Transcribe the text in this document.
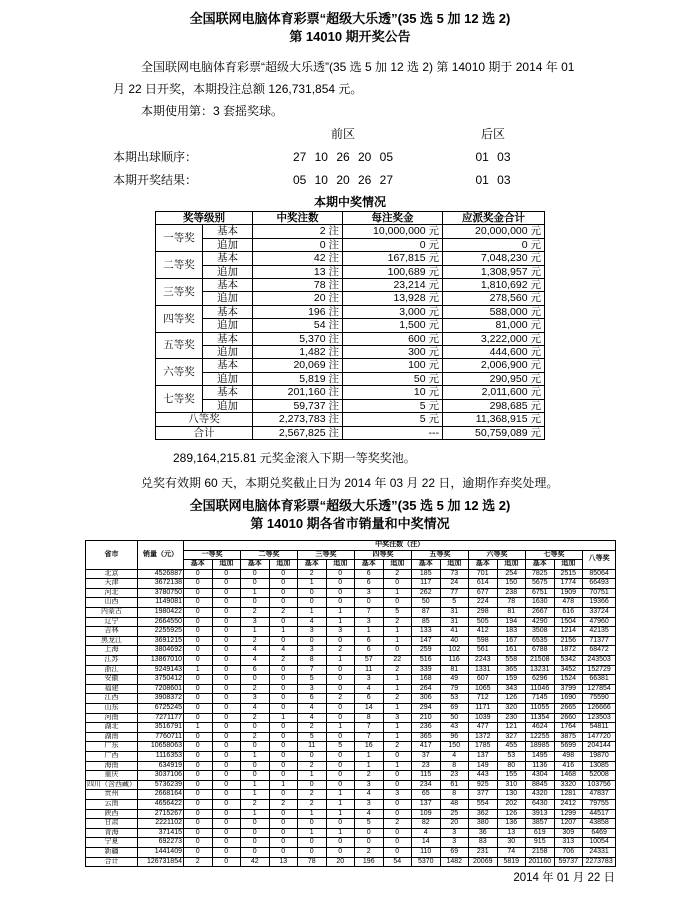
全国联网电脑体育彩票“超级大乐透”(35 选 5 加 12 选 2)
第 14010 期开奖公告

全国联网电脑体育彩票“超级大乐透”(35 选 5 加 12 选 2) 第 14010 期于 2014 年 01 月 22 日开奖，本期投注总额 126,731,854 元。

本期使用第：3 套摇奖球。

前区	后区
本期出球顺序：	27 10 26 20 05	01 03
本期开奖结果：	05 10 20 26 27	01 03
本期中奖情况
奖等级别		中奖注数	每注奖金	应派奖金合计
一等奖	基本	2 注	10,000,000 元	20,000,000 元
	追加	0 注	0 元	0 元
二等奖	基本	42 注	167,815 元	7,048,230 元
	追加	13 注	100,689 元	1,308,957 元
三等奖	基本	78 注	23,214 元	1,810,692 元
	追加	20 注	13,928 元	278,560 元
四等奖	基本	196 注	3,000 元	588,000 元
	追加	54 注	1,500 元	81,000 元
五等奖	基本	5,370 注	600 元	3,222,000 元
	追加	1,482 注	300 元	444,600 元
六等奖	基本	20,069 注	100 元	2,006,900 元
	追加	5,819 注	50 元	290,950 元
七等奖	基本	201,160 注	10 元	2,011,600 元
	追加	59,737 注	5 元	298,685 元
八等奖		2,273,783 注	5 元	11,368,915 元
合计		2,567,825 注	---	50,759,089 元

289,164,215.81 元奖金滚入下期一等奖奖池。

兑奖有效期 60 天，本期兑奖截止日为 2014 年 03 月 22 日，逾期作弃奖处理。

全国联网电脑体育彩票“超级大乐透”(35 选 5 加 12 选 2)
第 14010 期各省市销量和中奖情况
省市	销量（元）	中奖注数（注）														
		一等奖		二等奖		三等奖		四等奖		五等奖		六等奖		七等奖		八等奖
		基本	追加	基本	追加	基本	追加	基本	追加	基本	追加	基本	追加	基本	追加	
北京	4526887	0	0	0	0	2	0	6	2	185	73	701	254	7825	2515	85064
天津	3672138	0	0	0	0	1	0	6	0	117	24	614	150	5675	1774	66493
河北	3780750	0	0	1	0	0	0	3	1	262	77	677	238	6751	1909	70751
山西	1149081	0	0	0	0	0	0	0	0	50	5	224	78	1630	478	19366
内蒙古	1980422	0	0	2	2	1	1	7	5	87	31	298	81	2667	616	33724
辽宁	2664550	0	0	3	0	4	1	3	2	85	31	505	194	4290	1504	47960
吉林	2255925	0	0	1	1	3	3	1	1	133	41	412	183	3508	1214	42135
黑龙江	3691215	0	0	2	0	0	0	6	1	147	40	598	167	6535	2156	71377
上海	3804692	0	0	4	4	3	2	6	0	259	102	561	161	6788	1872	68472
江苏	13867010	0	0	4	2	8	1	57	22	516	116	2243	558	21508	5342	243503
浙江	9249143	1	0	6	0	7	0	11	2	339	81	1331	365	13231	3452	152729
安徽	3750412	0	0	0	0	5	0	3	1	168	49	607	159	6296	1524	66381
福建	7208601	0	0	2	0	3	0	4	1	264	79	1065	343	11046	3799	127854
江西	3908372	0	0	3	0	6	2	6	2	306	53	712	126	7145	1690	75590
山东	6725245	0	0	4	0	4	0	14	1	294	69	1171	320	11055	2665	126666
河南	7271177	0	0	2	1	4	0	8	3	210	50	1039	230	11354	2660	123503
湖北	3516791	1	0	0	0	2	1	7	1	236	43	477	121	4624	1764	54811
湖南	7760711	0	0	2	0	5	0	7	1	365	96	1372	327	12255	3875	147720
广东	10658063	0	0	0	0	11	5	16	2	417	150	1785	455	18985	5699	204144
广西	1116353	0	0	1	0	0	0	1	0	37	4	137	53	1495	498	19870
海南	634919	0	0	0	0	2	0	1	1	23	8	149	80	1136	416	13085
重庆	3037106	0	0	0	0	1	0	2	0	115	23	443	155	4304	1468	52008
四川（含西藏）	5736239	0	0	1	1	0	0	3	0	234	61	925	310	8845	3320	103756
贵州	2668164	0	0	1	0	2	1	4	3	65	8	377	130	4320	1281	47837
云南	4656422	0	0	2	2	2	1	3	0	137	48	554	202	6430	2412	79755
陕西	2715267	0	0	1	0	1	1	4	0	109	25	362	126	3913	1299	44517
甘肃	2221102	0	0	0	0	0	0	5	2	82	20	380	136	3857	1207	43858
青海	371415	0	0	0	0	1	1	0	0	4	3	36	13	619	309	6469
宁夏	692273	0	0	0	0	0	0	0	0	14	3	83	30	915	313	10054
新疆	1441409	0	0	0	0	0	0	2	0	110	69	231	74	2158	706	24331
合计	126731854	2	0	42	13	78	20	196	54	5370	1482	20069	5819	201160	59737	2273783
2014 年 01 月 22 日
